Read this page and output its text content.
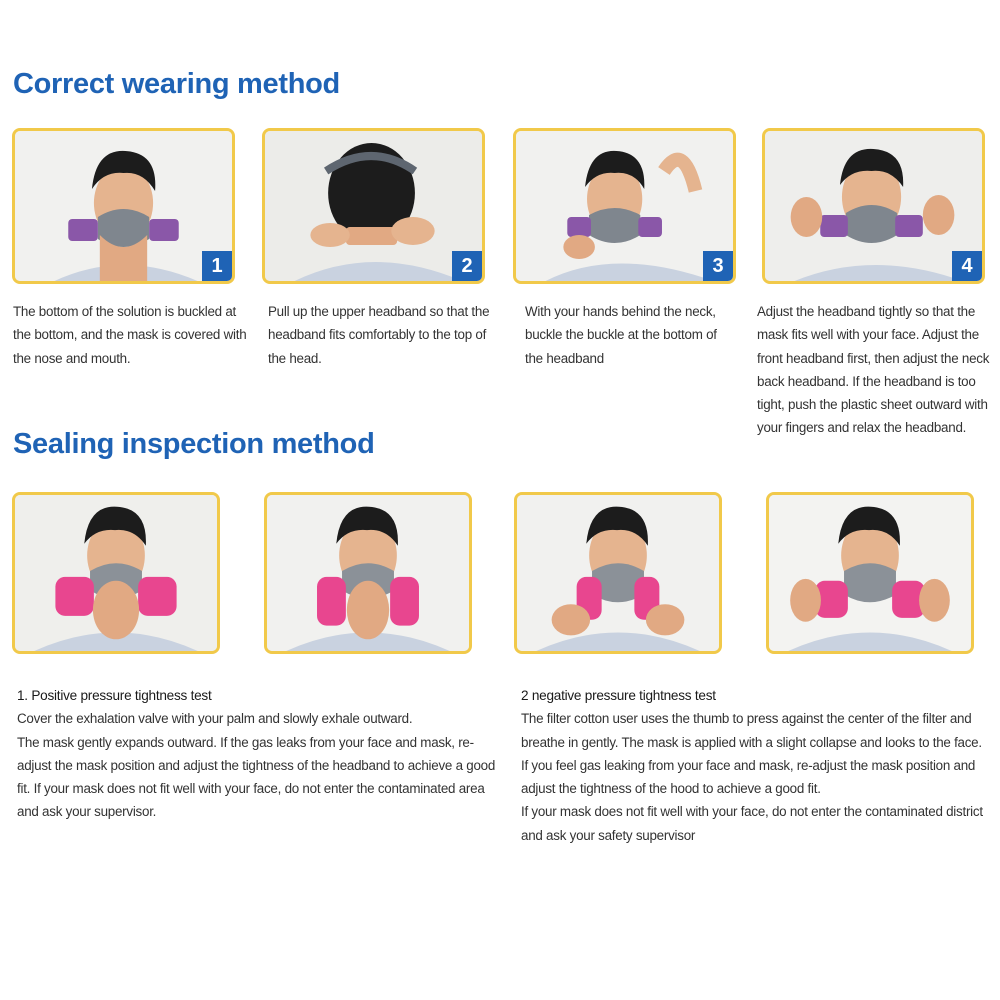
Correct wearing method
1	2	3	4

The bottom of the solution is buckled at the bottom, and the mask is covered with the nose and mouth.

Pull up the upper headband so that the headband fits comfortably to the top of the head.

With your hands behind the neck, buckle the buckle at the bottom of the headband

Adjust the headband tightly so that the mask fits well with your face. Adjust the front headband first, then adjust the neck back headband. If the headband is too tight, push the plastic sheet outward with your fingers and relax the headband.

Sealing inspection method

1. Positive pressure tightness test

Cover the exhalation valve with your palm and slowly exhale outward.

The mask gently expands outward. If the gas leaks from your face and mask, re-adjust the mask position and adjust the tightness of the headband to achieve a good fit. If your mask does not fit well with your face, do not enter the contaminated area and ask your supervisor.

2 negative pressure tightness test

The filter cotton user uses the thumb to press against the center of the filter and breathe in gently. The mask is applied with a slight collapse and looks to the face. If you feel gas leaking from your face and mask, re-adjust the mask position and adjust the tightness of the hood to achieve a good fit.

If your mask does not fit well with your face, do not enter the contaminated district and ask your safety supervisor
